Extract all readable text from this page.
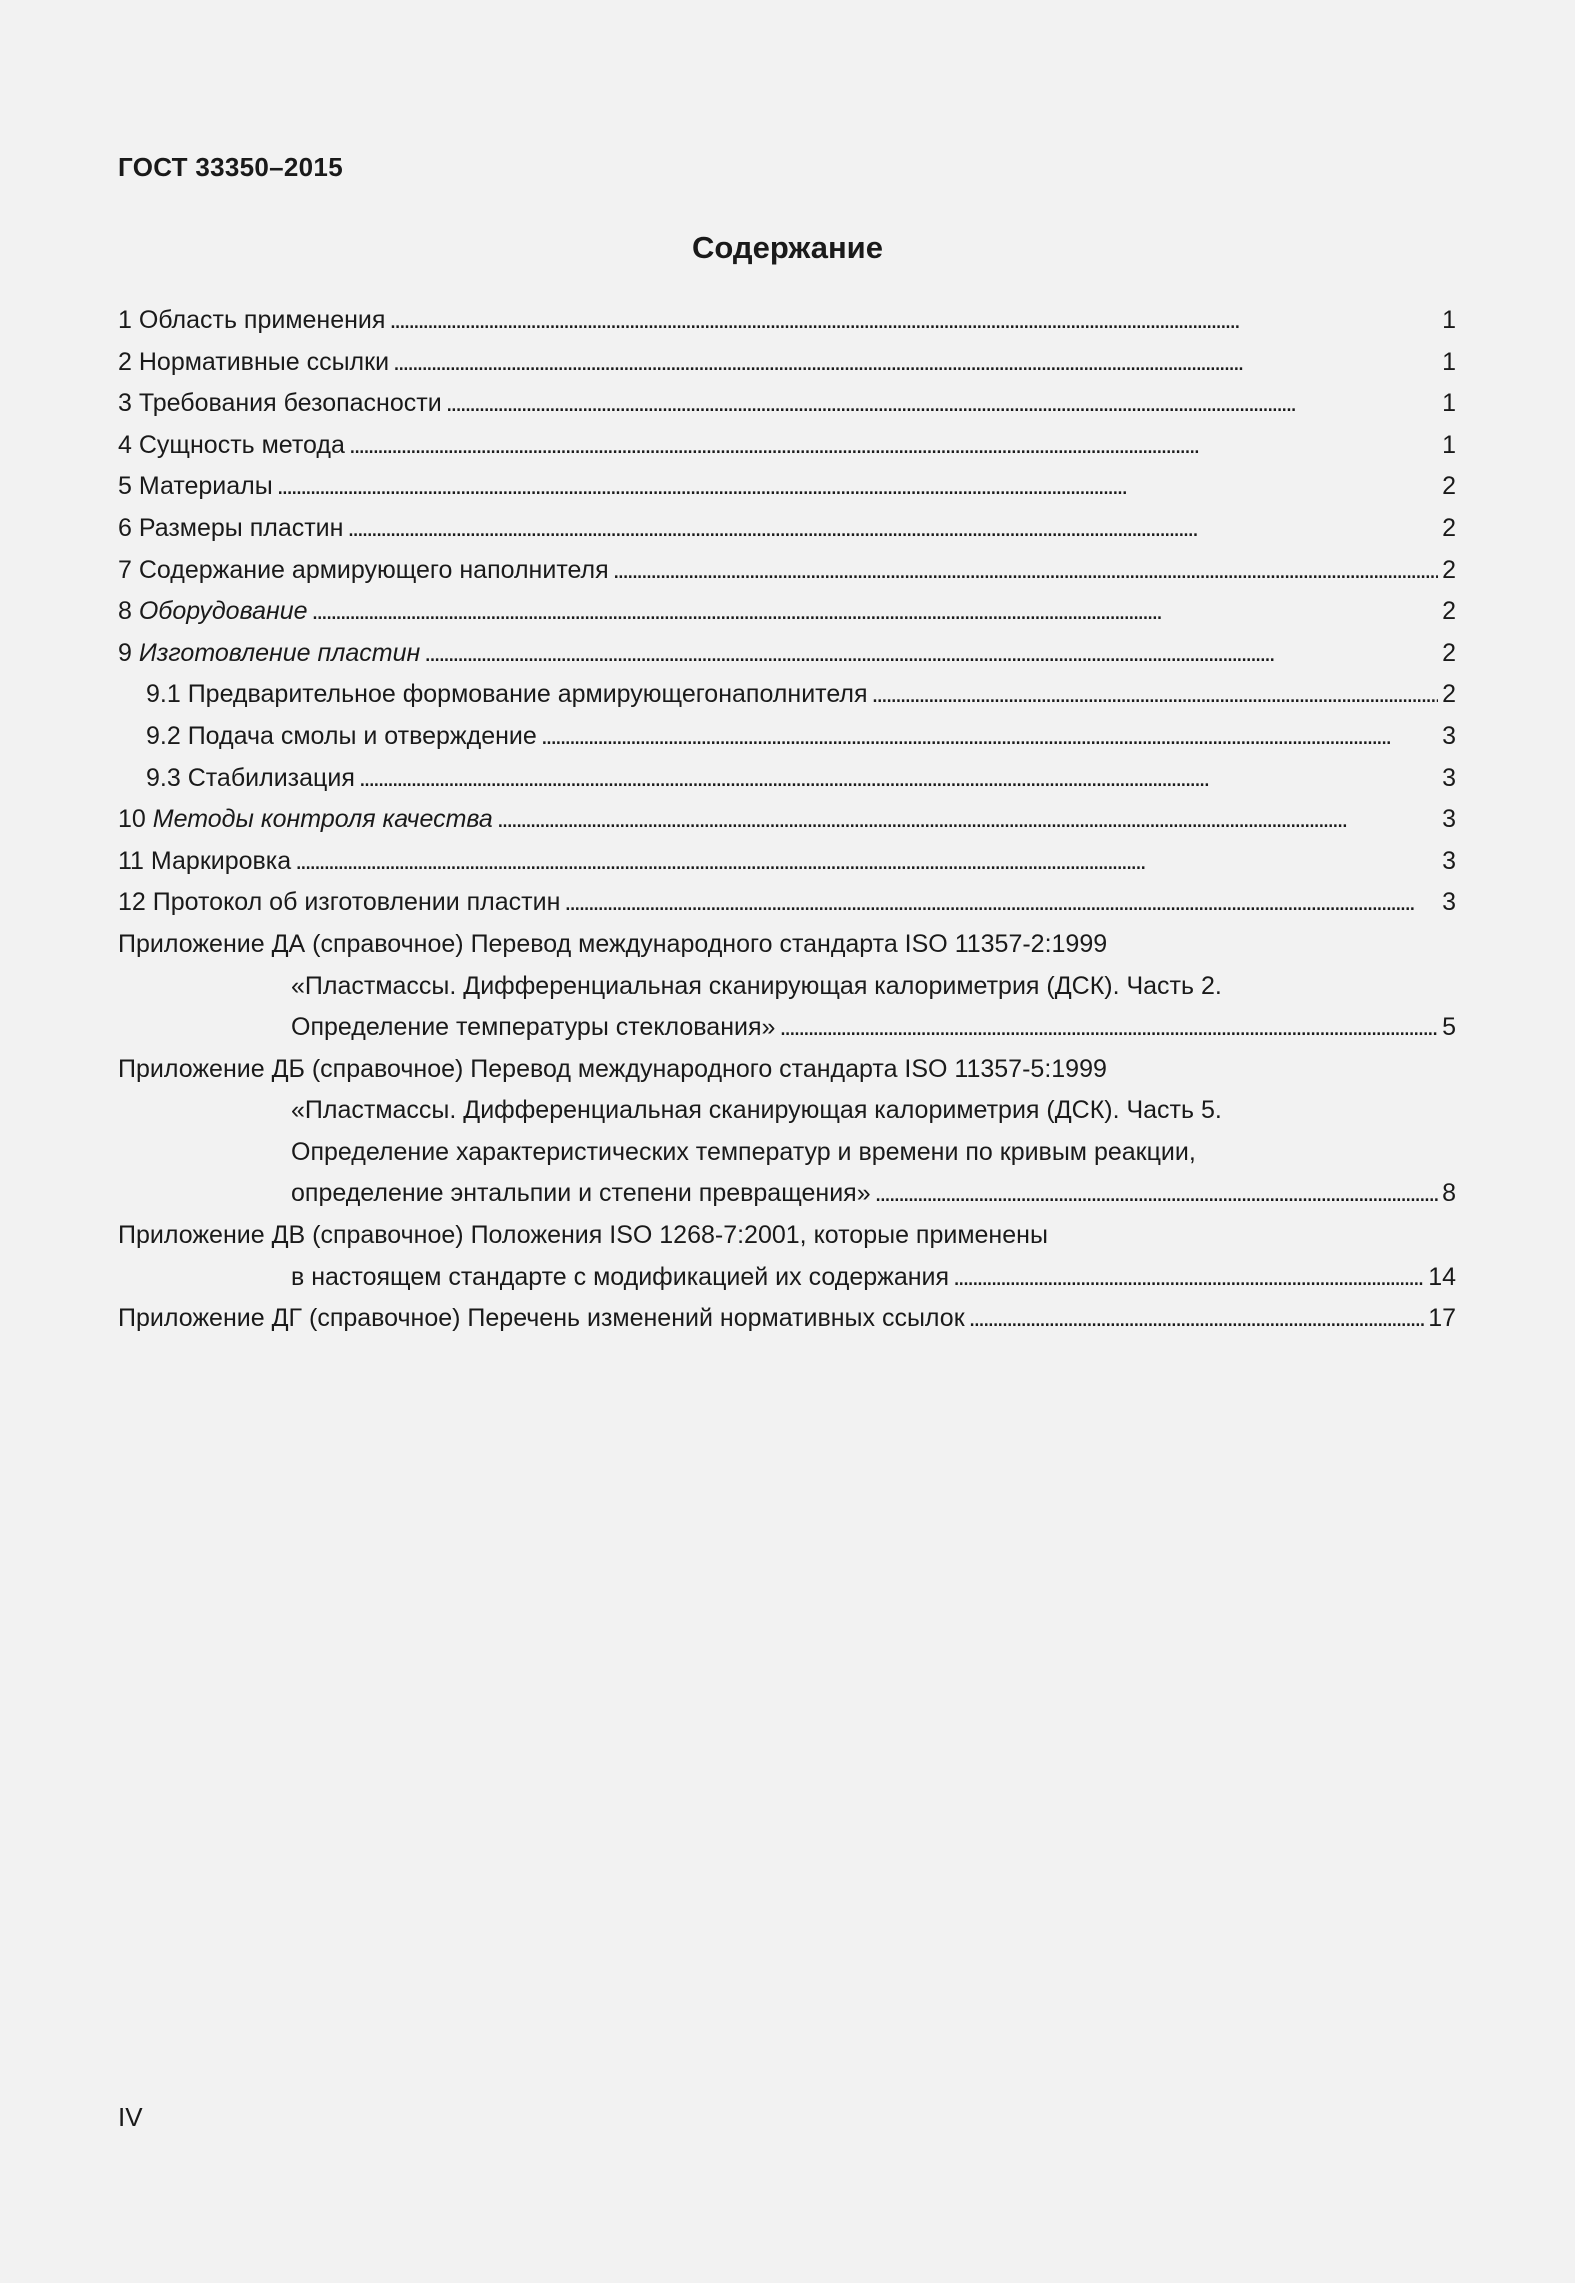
ГОСТ 33350–2015
Содержание
1 Область применения . . .	1
2 Нормативные ссылки . . .	1
3 Требования безопасности . . .	1
4 Сущность метода . . .	1
5 Материалы . . .	2
6 Размеры пластин . . .	2
7 Содержание армирующего наполнителя . . .	2
8 Оборудование . . .	2
9 Изготовление пластин . . .	2
9.1 Предварительное формование армирующегонаполнителя . . .	2
9.2 Подача смолы и отверждение . . .	3
9.3 Стабилизация . . .	3
10 Методы контроля качества . . .	3
11 Маркировка . . .	3
12 Протокол об изготовлении пластин . . .	3
Приложение ДА (справочное) Перевод международного стандарта ISO 11357-2:1999
«Пластмассы. Дифференциальная сканирующая калориметрия (ДСК). Часть 2.
Определение температуры стеклования» . . .	5
Приложение ДБ (справочное) Перевод международного стандарта ISO 11357-5:1999
«Пластмассы. Дифференциальная сканирующая калориметрия (ДСК). Часть 5.
Определение характеристических температур и времени по кривым реакции,
определение энтальпии и степени превращения» . . .	8
Приложение ДВ (справочное) Положения ISO 1268-7:2001, которые применены
в настоящем стандарте с модификацией их содержания . . .	14
Приложение ДГ (справочное) Перечень изменений нормативных ссылок . . .	17
IV
